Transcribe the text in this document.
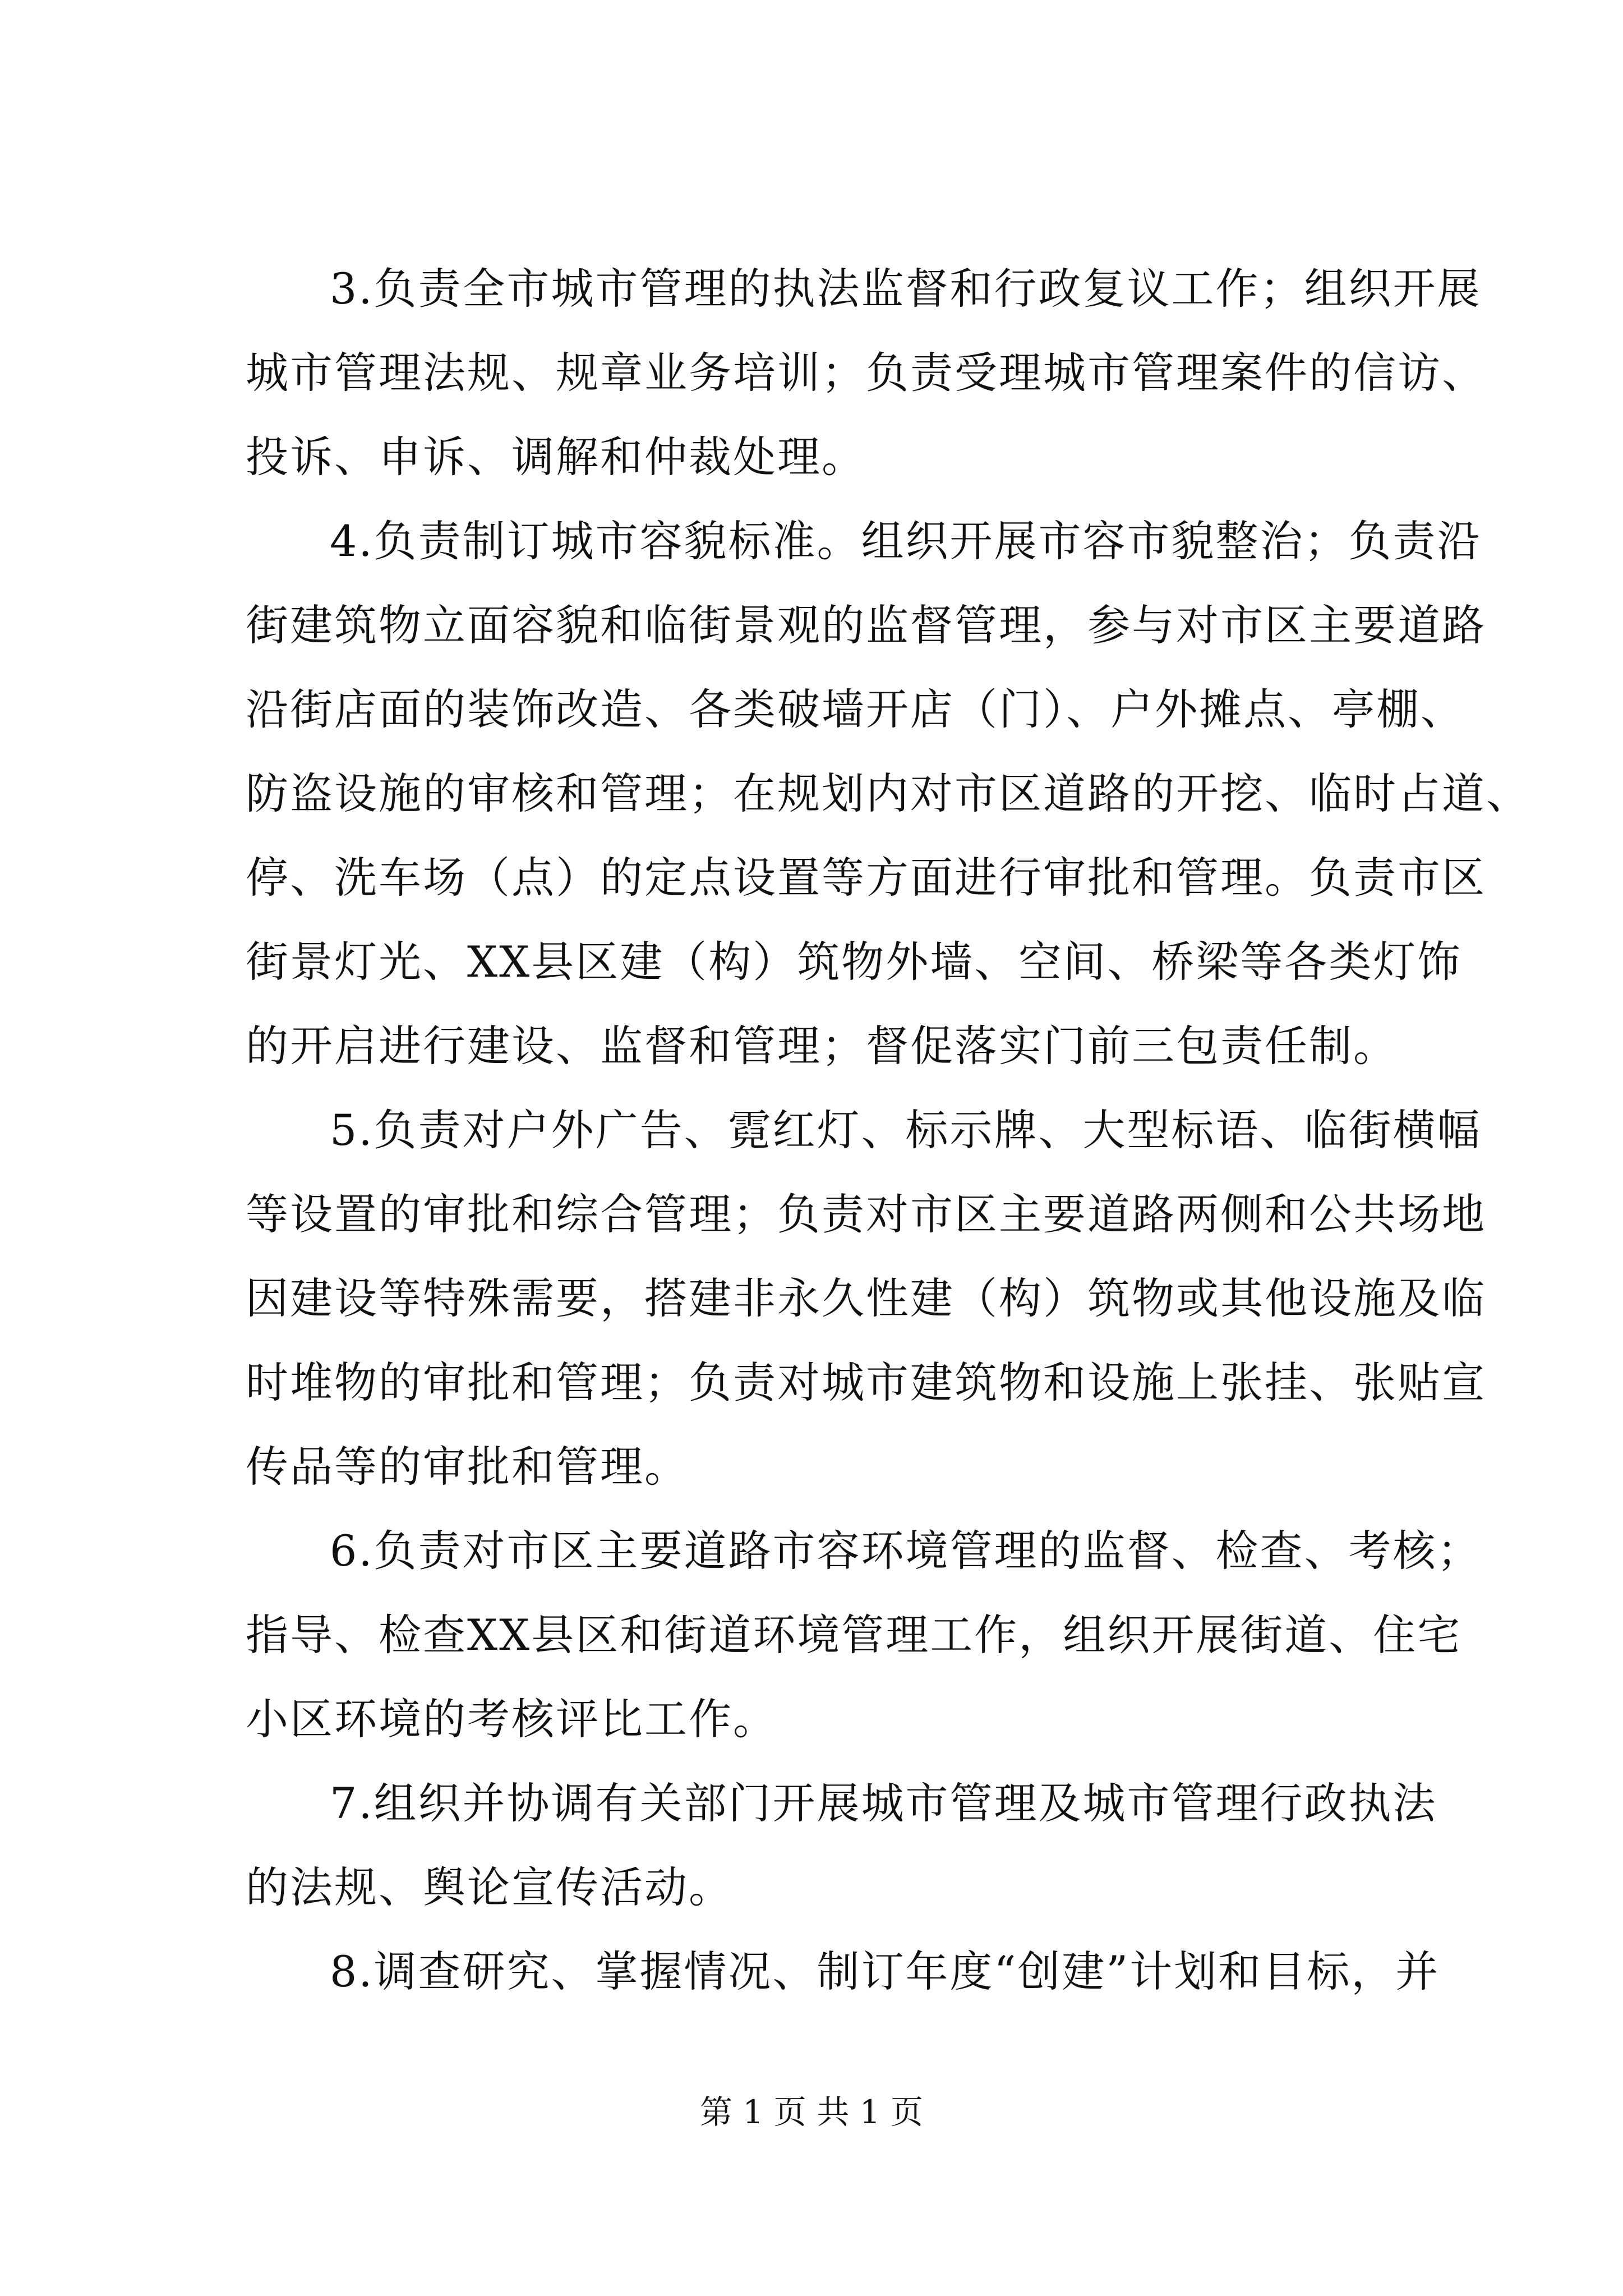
3.负责全市城市管理的执法监督和行政复议工作；组织开展
城市管理法规、规章业务培训；负责受理城市管理案件的信访、
投诉、申诉、调解和仲裁处理。
4.负责制订城市容貌标准。组织开展市容市貌整治；负责沿
街建筑物立面容貌和临街景观的监督管理，参与对市区主要道路
沿街店面的装饰改造、各类破墙开店（门）、户外摊点、亭棚、
防盗设施的审核和管理；在规划内对市区道路的开挖、临时占道、
停、洗车场（点）的定点设置等方面进行审批和管理。负责市区
街景灯光、XX县区建（构）筑物外墙、空间、桥梁等各类灯饰
的开启进行建设、监督和管理；督促落实门前三包责任制。
5.负责对户外广告、霓红灯、标示牌、大型标语、临街横幅
等设置的审批和综合管理；负责对市区主要道路两侧和公共场地
因建设等特殊需要，搭建非永久性建（构）筑物或其他设施及临
时堆物的审批和管理；负责对城市建筑物和设施上张挂、张贴宣
传品等的审批和管理。
6.负责对市区主要道路市容环境管理的监督、检查、考核；
指导、检查XX县区和街道环境管理工作，组织开展街道、住宅
小区环境的考核评比工作。
7.组织并协调有关部门开展城市管理及城市管理行政执法
的法规、舆论宣传活动。
8.调查研究、掌握情况、制订年度“创建”计划和目标，并
第 1 页 共 1 页
